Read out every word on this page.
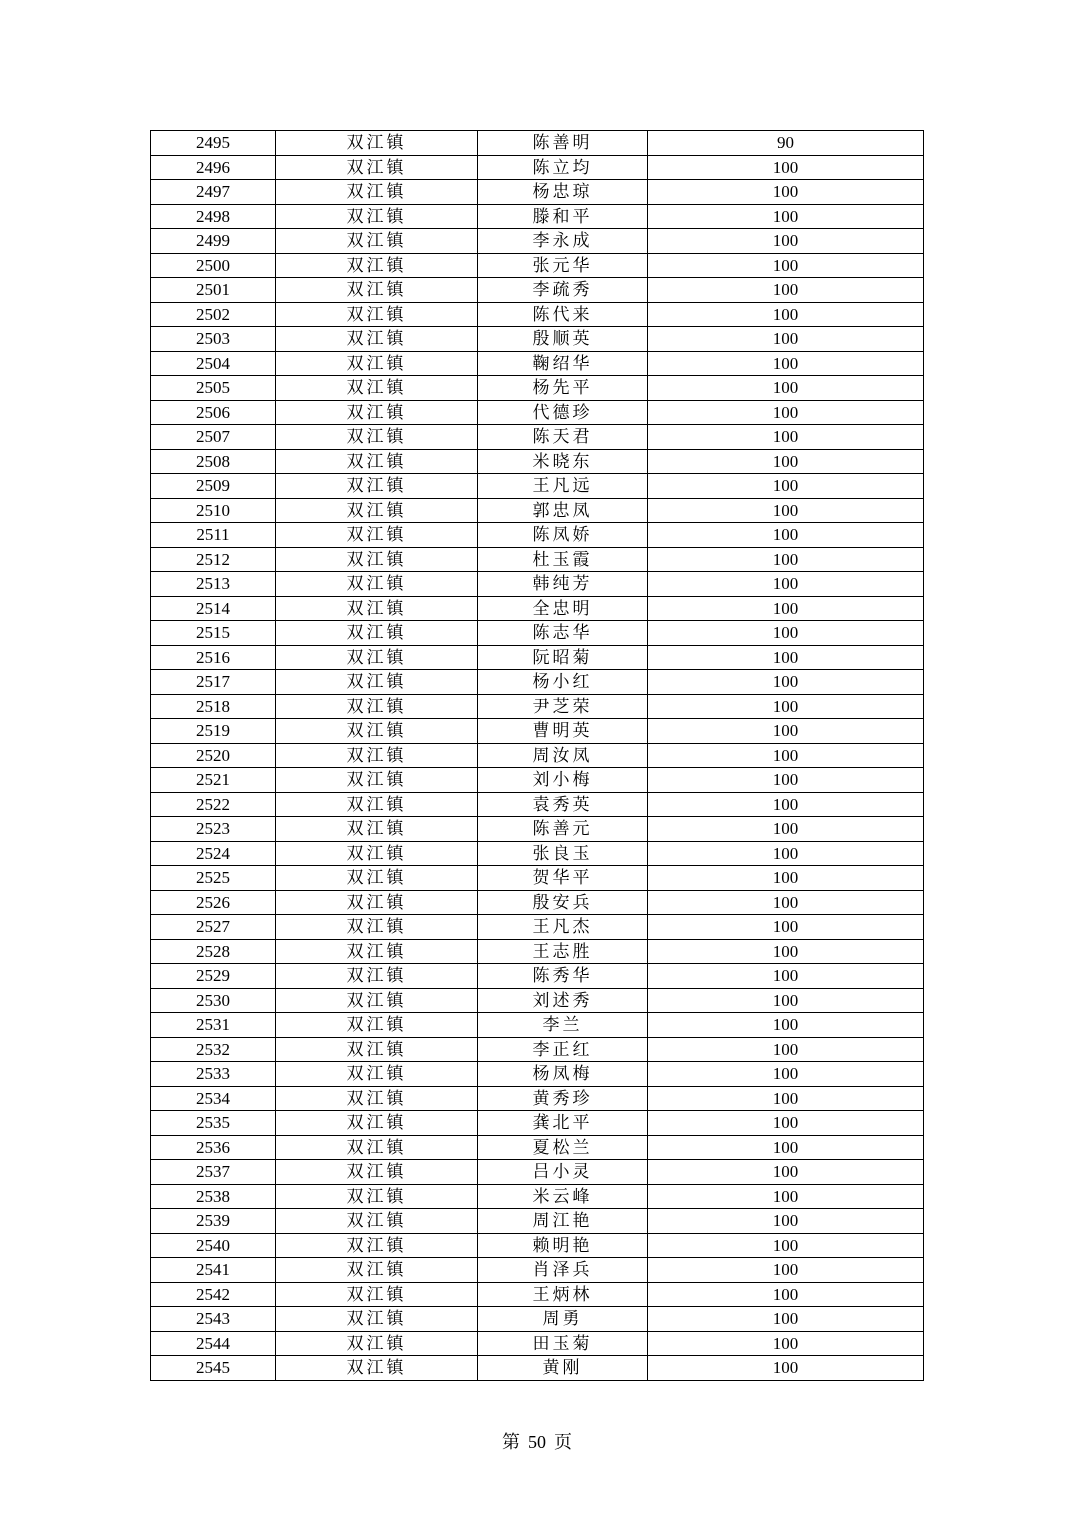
2495	双江镇	陈善明	90
2496	双江镇	陈立均	100
2497	双江镇	杨忠琼	100
2498	双江镇	滕和平	100
2499	双江镇	李永成	100
2500	双江镇	张元华	100
2501	双江镇	李疏秀	100
2502	双江镇	陈代来	100
2503	双江镇	殷顺英	100
2504	双江镇	鞠绍华	100
2505	双江镇	杨先平	100
2506	双江镇	代德珍	100
2507	双江镇	陈天君	100
2508	双江镇	米晓东	100
2509	双江镇	王凡远	100
2510	双江镇	郭忠凤	100
2511	双江镇	陈凤娇	100
2512	双江镇	杜玉霞	100
2513	双江镇	韩纯芳	100
2514	双江镇	全忠明	100
2515	双江镇	陈志华	100
2516	双江镇	阮昭菊	100
2517	双江镇	杨小红	100
2518	双江镇	尹芝荣	100
2519	双江镇	曹明英	100
2520	双江镇	周汝凤	100
2521	双江镇	刘小梅	100
2522	双江镇	袁秀英	100
2523	双江镇	陈善元	100
2524	双江镇	张良玉	100
2525	双江镇	贺华平	100
2526	双江镇	殷安兵	100
2527	双江镇	王凡杰	100
2528	双江镇	王志胜	100
2529	双江镇	陈秀华	100
2530	双江镇	刘述秀	100
2531	双江镇	李兰	100
2532	双江镇	李正红	100
2533	双江镇	杨凤梅	100
2534	双江镇	黄秀珍	100
2535	双江镇	龚北平	100
2536	双江镇	夏松兰	100
2537	双江镇	吕小灵	100
2538	双江镇	米云峰	100
2539	双江镇	周江艳	100
2540	双江镇	赖明艳	100
2541	双江镇	肖泽兵	100
2542	双江镇	王炳林	100
2543	双江镇	周勇	100
2544	双江镇	田玉菊	100
2545	双江镇	黄刚	100
第 50 页
